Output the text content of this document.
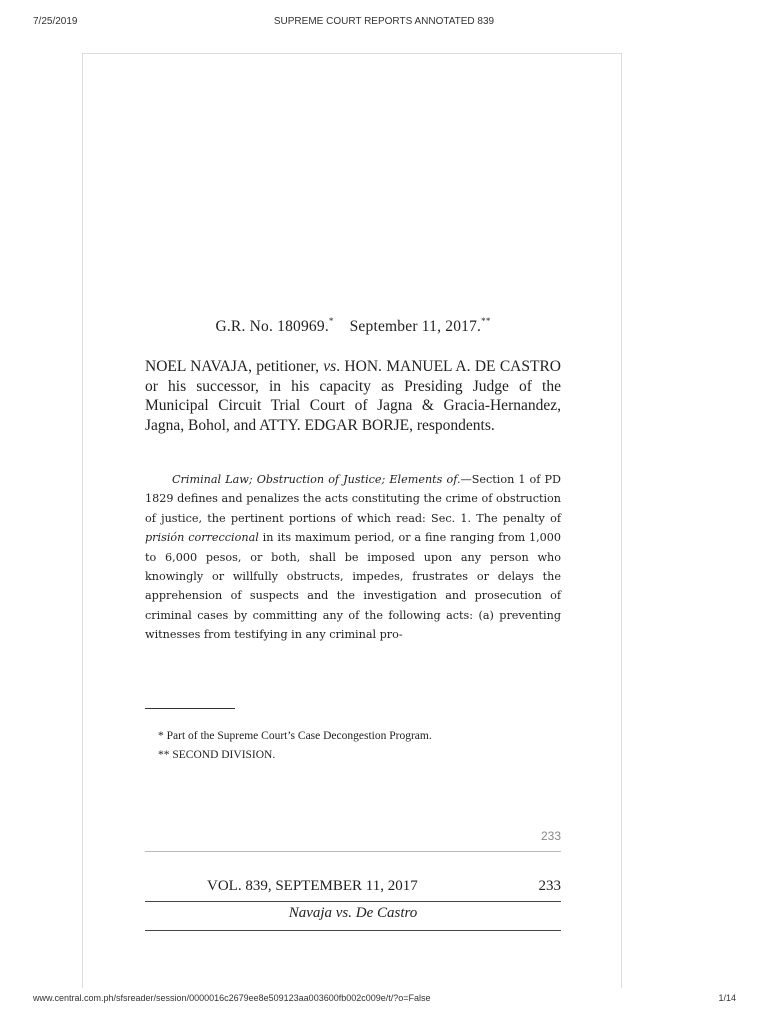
7/25/2019	SUPREME COURT REPORTS ANNOTATED 839
G.R. No. 180969.* September 11, 2017.**
NOEL NAVAJA, petitioner, vs. HON. MANUEL A. DE CASTRO or his successor, in his capacity as Presiding Judge of the Municipal Circuit Trial Court of Jagna & Gracia-Hernandez, Jagna, Bohol, and ATTY. EDGAR BORJE, respondents.
Criminal Law; Obstruction of Justice; Elements of.—Section 1 of PD 1829 defines and penalizes the acts constituting the crime of obstruction of justice, the pertinent portions of which read: Sec. 1. The penalty of prisión correccional in its maximum period, or a fine ranging from 1,000 to 6,000 pesos, or both, shall be imposed upon any person who knowingly or willfully obstructs, impedes, frustrates or delays the apprehension of suspects and the investigation and prosecution of criminal cases by committing any of the following acts: (a) preventing witnesses from testifying in any criminal pro-
* Part of the Supreme Court’s Case Decongestion Program.
** SECOND DIVISION.
233
VOL. 839, SEPTEMBER 11, 2017	233
Navaja vs. De Castro
www.central.com.ph/sfsreader/session/0000016c2679ee8e509123aa003600fb002c009e/t/?o=False	1/14
